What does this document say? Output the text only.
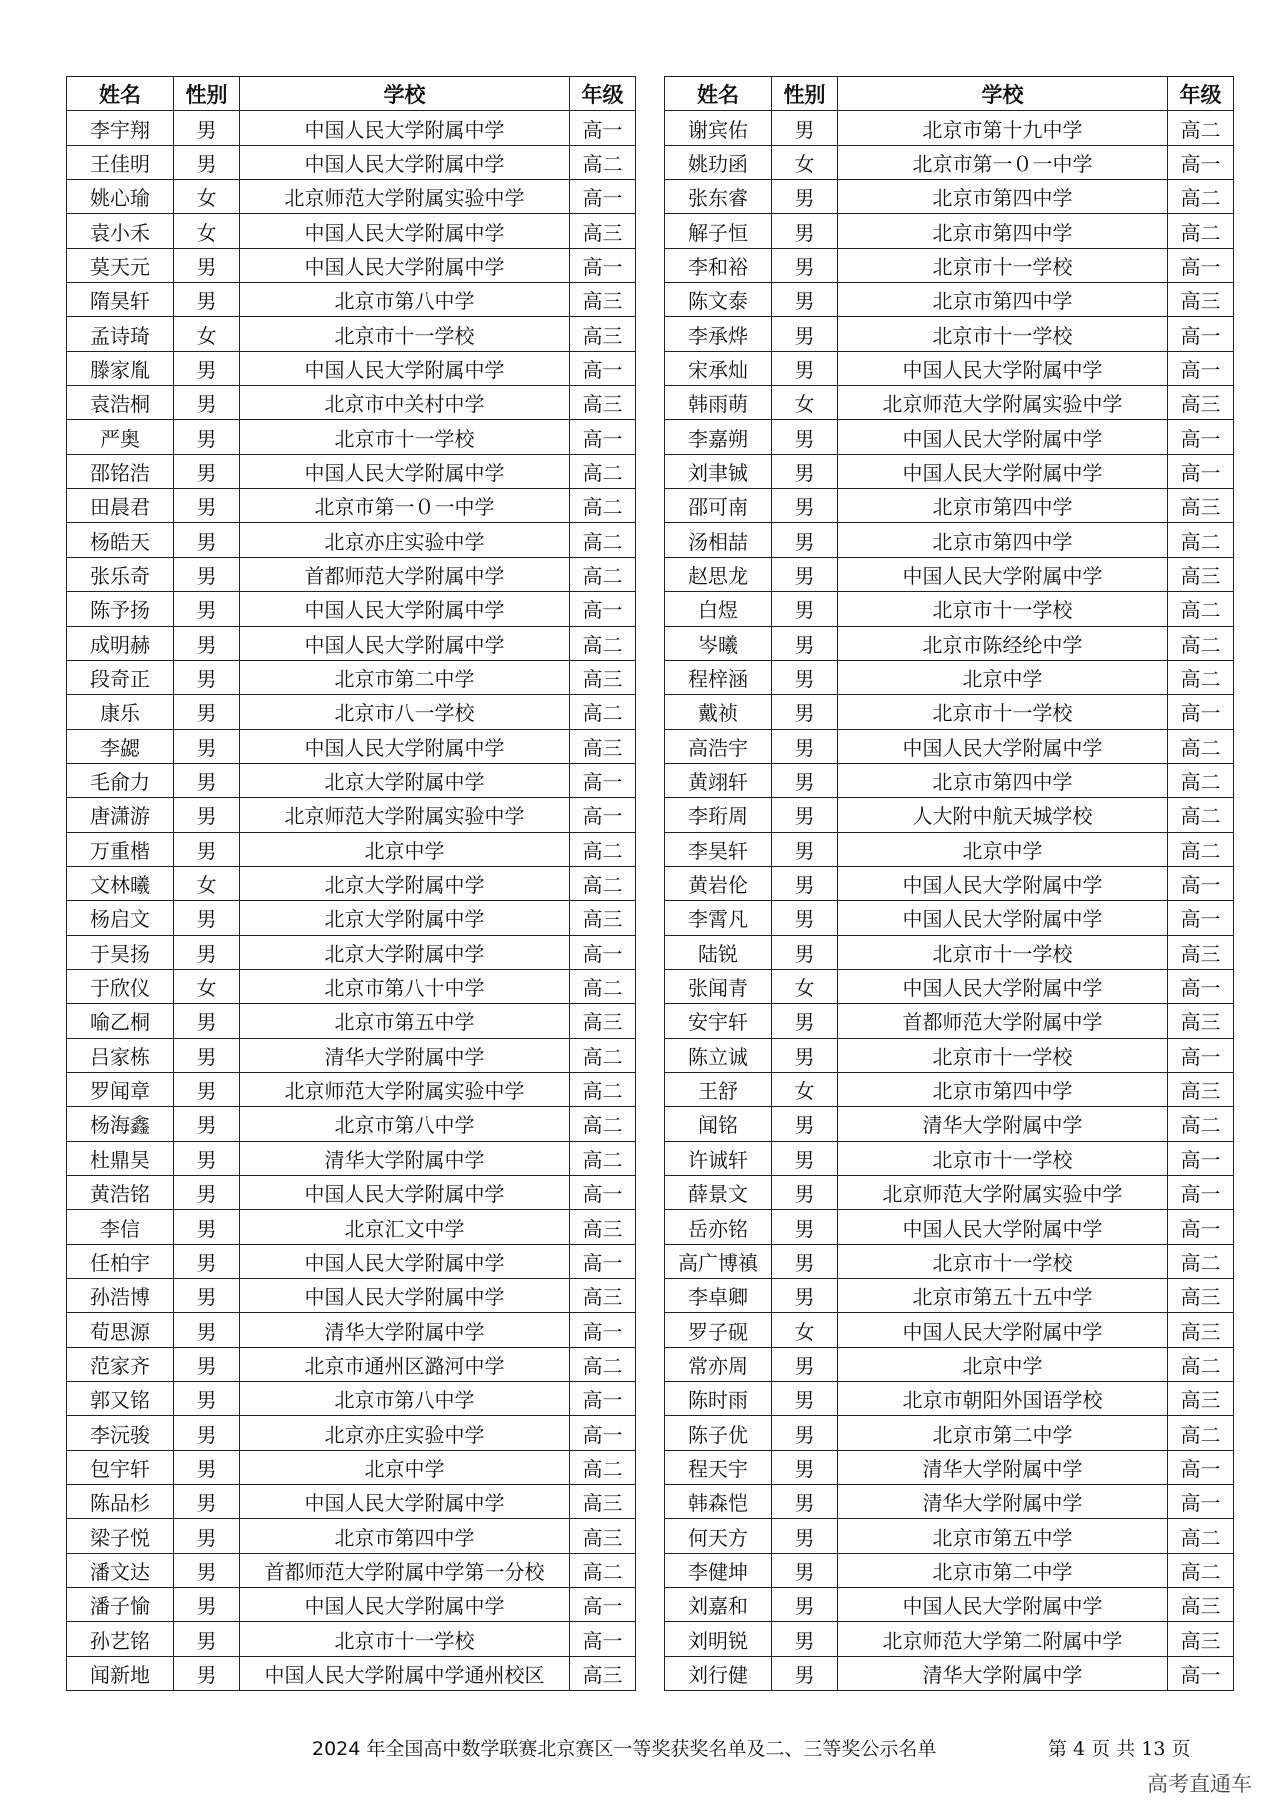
姓名	性别	学校	年级
李宇翔	男	中国人民大学附属中学	高一
王佳明	男	中国人民大学附属中学	高二
姚心瑜	女	北京师范大学附属实验中学	高一
袁小禾	女	中国人民大学附属中学	高三
莫天元	男	中国人民大学附属中学	高一
隋昊轩	男	北京市第八中学	高三
孟诗琦	女	北京市十一学校	高三
滕家胤	男	中国人民大学附属中学	高一
袁浩桐	男	北京市中关村中学	高三
严奥	男	北京市十一学校	高一
邵铭浩	男	中国人民大学附属中学	高二
田晨君	男	北京市第一０一中学	高二
杨皓天	男	北京亦庄实验中学	高二
张乐奇	男	首都师范大学附属中学	高二
陈予扬	男	中国人民大学附属中学	高一
成明赫	男	中国人民大学附属中学	高二
段奇正	男	北京市第二中学	高三
康乐	男	北京市八一学校	高二
李勰	男	中国人民大学附属中学	高三
毛俞力	男	北京大学附属中学	高一
唐潇游	男	北京师范大学附属实验中学	高一
万重楷	男	北京中学	高二
文林曦	女	北京大学附属中学	高二
杨启文	男	北京大学附属中学	高三
于昊扬	男	北京大学附属中学	高一
于欣仪	女	北京市第八十中学	高二
喻乙桐	男	北京市第五中学	高三
吕家栋	男	清华大学附属中学	高二
罗闻章	男	北京师范大学附属实验中学	高二
杨海鑫	男	北京市第八中学	高二
杜鼎昊	男	清华大学附属中学	高二
黄浩铭	男	中国人民大学附属中学	高一
李信	男	北京汇文中学	高三
任柏宇	男	中国人民大学附属中学	高一
孙浩博	男	中国人民大学附属中学	高三
荀思源	男	清华大学附属中学	高一
范家齐	男	北京市通州区潞河中学	高二
郭又铭	男	北京市第八中学	高一
李沅骏	男	北京亦庄实验中学	高一
包宇轩	男	北京中学	高二
陈品杉	男	中国人民大学附属中学	高三
梁子悦	男	北京市第四中学	高三
潘文达	男	首都师范大学附属中学第一分校	高二
潘子愉	男	中国人民大学附属中学	高一
孙艺铭	男	北京市十一学校	高一
闻新地	男	中国人民大学附属中学通州校区	高三
姓名	性别	学校	年级
谢宾佑	男	北京市第十九中学	高二
姚玏函	女	北京市第一０一中学	高一
张东睿	男	北京市第四中学	高二
解子恒	男	北京市第四中学	高二
李和裕	男	北京市十一学校	高一
陈文泰	男	北京市第四中学	高三
李承烨	男	北京市十一学校	高一
宋承灿	男	中国人民大学附属中学	高一
韩雨萌	女	北京师范大学附属实验中学	高三
李嘉朔	男	中国人民大学附属中学	高一
刘聿铖	男	中国人民大学附属中学	高一
邵可南	男	北京市第四中学	高三
汤相喆	男	北京市第四中学	高二
赵思龙	男	中国人民大学附属中学	高三
白煜	男	北京市十一学校	高二
岑曦	男	北京市陈经纶中学	高二
程梓涵	男	北京中学	高二
戴祯	男	北京市十一学校	高一
高浩宇	男	中国人民大学附属中学	高二
黄翊轩	男	北京市第四中学	高二
李珩周	男	人大附中航天城学校	高二
李昊轩	男	北京中学	高二
黄岩伦	男	中国人民大学附属中学	高一
李霄凡	男	中国人民大学附属中学	高一
陆锐	男	北京市十一学校	高三
张闻青	女	中国人民大学附属中学	高一
安宇轩	男	首都师范大学附属中学	高三
陈立诚	男	北京市十一学校	高一
王舒	女	北京市第四中学	高三
闻铭	男	清华大学附属中学	高二
许诚轩	男	北京市十一学校	高一
薛景文	男	北京师范大学附属实验中学	高一
岳亦铭	男	中国人民大学附属中学	高一
高广博禛	男	北京市十一学校	高二
李卓卿	男	北京市第五十五中学	高三
罗子砚	女	中国人民大学附属中学	高三
常亦周	男	北京中学	高二
陈时雨	男	北京市朝阳外国语学校	高三
陈子优	男	北京市第二中学	高二
程天宇	男	清华大学附属中学	高一
韩森恺	男	清华大学附属中学	高一
何天方	男	北京市第五中学	高二
李健坤	男	北京市第二中学	高二
刘嘉和	男	中国人民大学附属中学	高三
刘明锐	男	北京师范大学第二附属中学	高三
刘行健	男	清华大学附属中学	高一
2024 年全国高中数学联赛北京赛区一等奖获奖名单及二、三等奖公示名单	第 4 页 共 13 页
高考直通车
